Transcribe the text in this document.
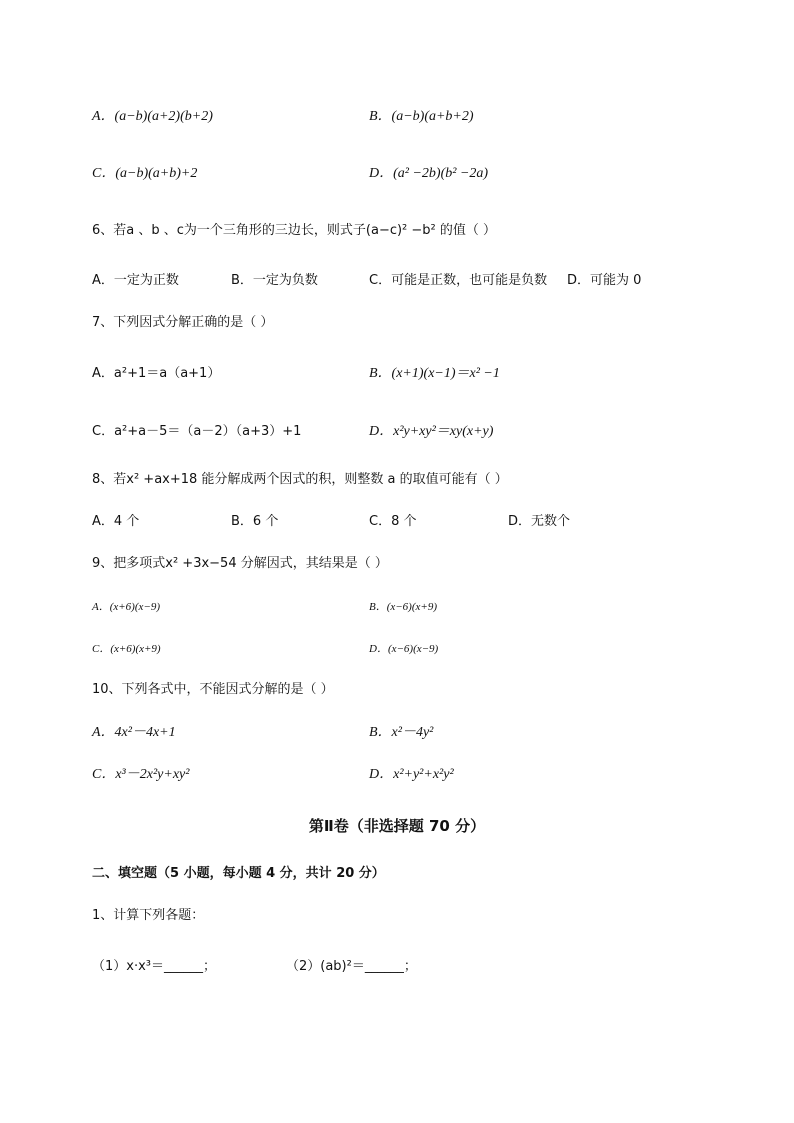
A．(a−b)(a+2)(b+2)	B．(a−b)(a+b+2)
C．(a−b)(a+b)+2	D．(a² −2b)(b² −2a)
6、若a 、b 、c为一个三角形的三边长，则式子(a−c)² −b² 的值（ ）
A．一定为正数	B．一定为负数	C．可能是正数，也可能是负数 D．可能为 0
7、下列因式分解正确的是（ ）
A．a²+1＝a（a+1）	B．(x+1)(x−1)＝x² −1
C．a²+a－5＝（a－2）（a+3）+1	D．x²y+xy²＝xy(x+y)
8、若x² +ax+18 能分解成两个因式的积，则整数 a 的取值可能有（ ）
A．4 个	B．6 个	C．8 个	D．无数个
9、把多项式x² +3x−54 分解因式，其结果是（ ）
A．(x+6)(x−9)	B．(x−6)(x+9)
C．(x+6)(x+9)	D．(x−6)(x−9)
10、下列各式中，不能因式分解的是（ ）
A．4x²－4x+1	B．x²－4y²
C．x³－2x²y+xy²	D．x²+y²+x²y²
第Ⅱ卷（非选择题 70 分）
二、填空题（5 小题，每小题 4 分，共计 20 分）
1、计算下列各题：
（1）x·x³＝______；	（2）(ab)²＝______；
